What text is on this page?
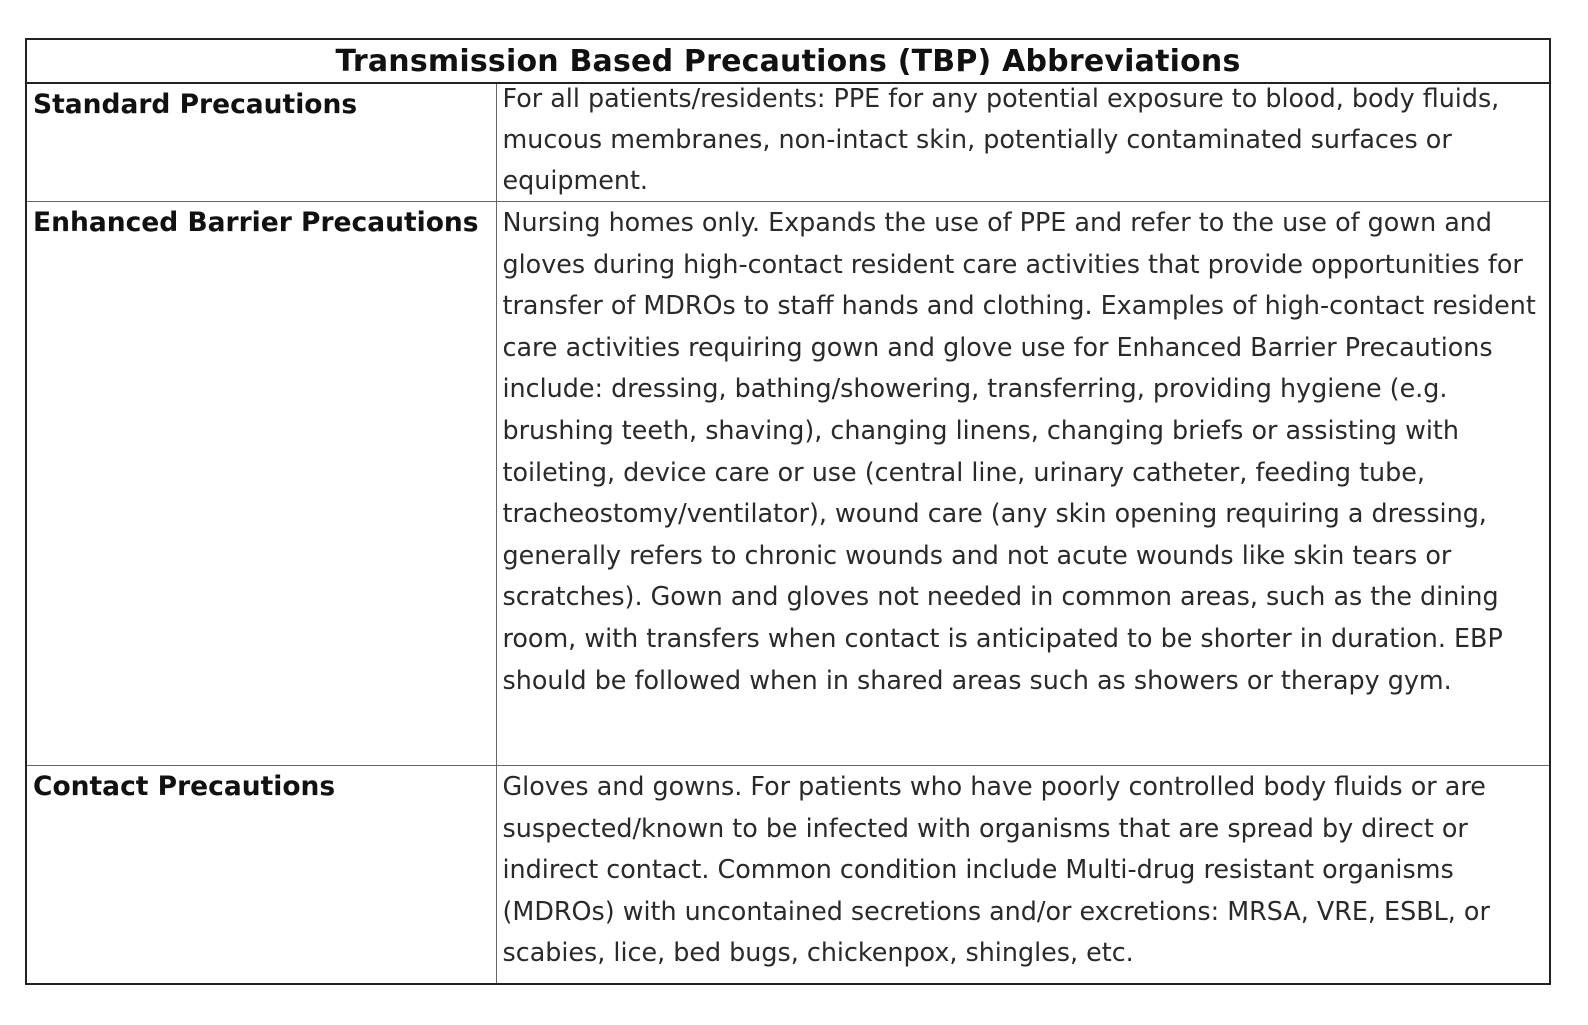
Transmission Based Precautions (TBP) Abbreviations	
Standard Precautions	For all patients/residents: PPE for any potential exposure to blood, body fluids, mucous membranes, non-intact skin, potentially contaminated surfaces or equipment.

Enhanced Barrier Precautions	Nursing homes only. Expands the use of PPE and refer to the use of gown and gloves during high-contact resident care activities that provide opportunities for transfer of MDROs to staff hands and clothing. Examples of high-contact resident care activities requiring gown and glove use for Enhanced Barrier Precautions include: dressing, bathing/showering, transferring, providing hygiene (e.g. brushing teeth, shaving), changing linens, changing briefs or assisting with toileting, device care or use (central line, urinary catheter, feeding tube, tracheostomy/ventilator), wound care (any skin opening requiring a dressing, generally refers to chronic wounds and not acute wounds like skin tears or scratches). Gown and gloves not needed in common areas, such as the dining room, with transfers when contact is anticipated to be shorter in duration. EBP should be followed when in shared areas such as showers or therapy gym.

Contact Precautions	Gloves and gowns. For patients who have poorly controlled body fluids or are suspected/known to be infected with organisms that are spread by direct or indirect contact. Common condition include Multi-drug resistant organisms (MDROs) with uncontained secretions and/or excretions: MRSA, VRE, ESBL, or scabies, lice, bed bugs, chickenpox, shingles, etc.
